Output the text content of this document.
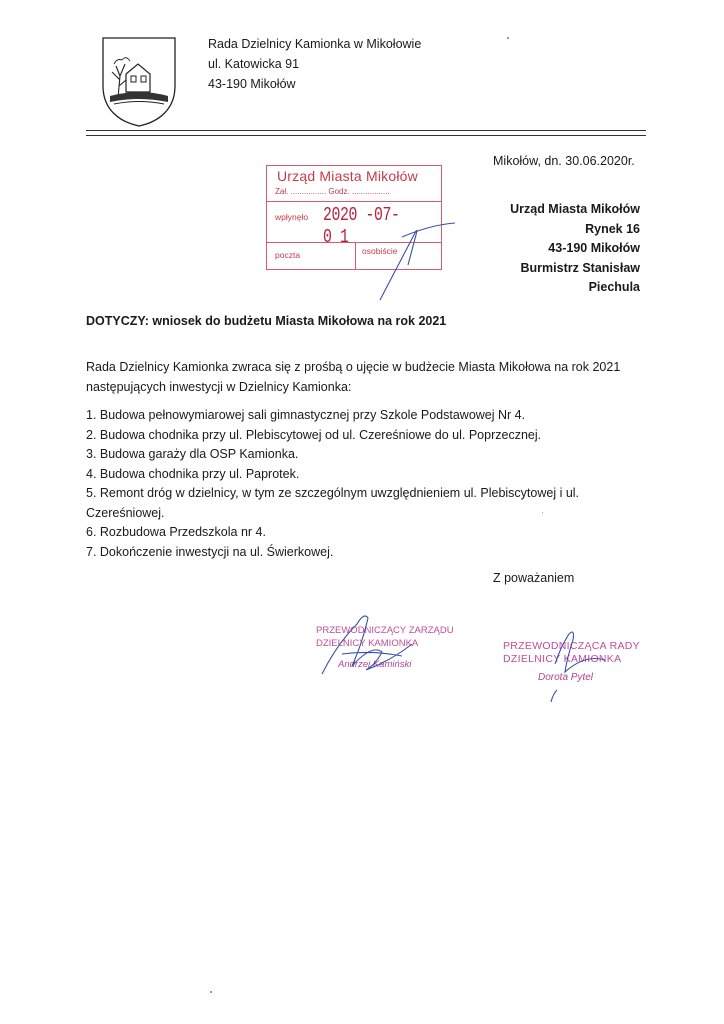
Rada Dzielnicy Kamionka w Mikołowie
ul. Katowicka 91
43-190 Mikołów
Urząd Miasta Mikołów
Zał. ................ Godz. .................
wpłynęło 2020 -07- 0 1
poczta	osobiście
Mikołów, dn. 30.06.2020r.
Urząd Miasta Mikołów
Rynek 16
43-190 Mikołów
Burmistrz Stanisław Piechula
DOTYCZY: wniosek do budżetu Miasta Mikołowa na rok 2021
Rada Dzielnicy Kamionka zwraca się z prośbą o ujęcie w budżecie Miasta Mikołowa na rok 2021
następujących inwestycji w Dzielnicy Kamionka:
1. Budowa pełnowymiarowej sali gimnastycznej przy Szkole Podstawowej Nr 4.
2. Budowa chodnika przy ul. Plebiscytowej od ul. Czereśniowe do ul. Poprzecznej.
3. Budowa garaży dla OSP Kamionka.
4. Budowa chodnika przy ul. Paprotek.
5. Remont dróg w dzielnicy, w tym ze szczególnym uwzględnieniem ul. Plebiscytowej i ul.
Czereśniowej.
6. Rozbudowa Przedszkola nr 4.
7. Dokończenie inwestycji na ul. Świerkowej.
Z poważaniem
PRZEWODNICZĄCY ZARZĄDU
DZIELNICY KAMIONKA
Andrzej Kamiński
PRZEWODNICZĄCA RADY
DZIELNICY KAMIONKA
Dorota Pytel
